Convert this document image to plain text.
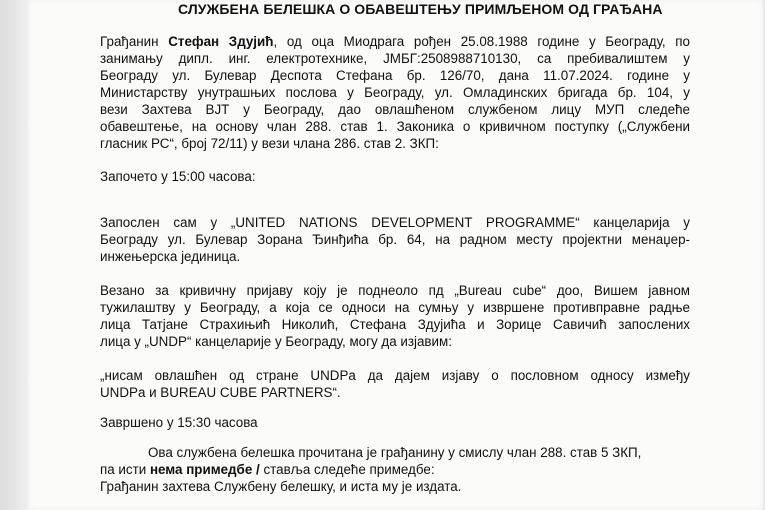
СЛУЖБЕНА БЕЛЕШКА О ОБАВЕШТЕЊУ ПРИМЉЕНОМ ОД ГРАЂАНА
Грађанин Стефан Здујић, од оца Миодрага рођен 25.08.1988 године у Београду, по
занимању дипл. инг. електротехнике, ЈМБГ:2508988710130, са пребивалиштем у
Београду ул. Булевар Деспота Стефана бр. 126/70, дана 11.07.2024. године у
Министарству унутрашњих послова у Београду, ул. Омладинских бригада бр. 104, у
вези Захтева ВЈТ у Београду, дао овлашћеном службеном лицу МУП следеће
обавештење, на основу члан 288. став 1. Законика о кривичном поступку („Службени
гласник РС“, број 72/11) у вези члана 286. став 2. ЗКП:
Започето у 15:00 часова:
Запослен сам у „UNITED NATIONS DEVELOPMENT PROGRAMME“ канцеларија у
Београду ул. Булевар Зорана Ђинђића бр. 64, на радном месту пројектни менаџер-
инжењерска јединица.
Везано за кривичну пријаву коју је поднеоло пд „Bureau cube“ доо, Вишем јавном
тужилаштву у Београду, а која се односи на сумњу у извршене противправне радње
лица Татјане Страхињић Николић, Стефана Здујића и Зорице Савичић запослених
лица у „UNDP“ канцеларије у Београду, могу да изјавим:
„нисам овлашћен од стране UNDPa да дајем изјаву о пословном односу између
UNDPa и BUREAU CUBE PARTNERS“.
Завршено у 15:30 часова
Ова службена белешка прочитана је грађанину у смислу члан 288. став 5 ЗКП,
па исти нема примедбе / ставља следеће примедбе:
Грађанин захтева Службену белешку, и иста му је издата.
